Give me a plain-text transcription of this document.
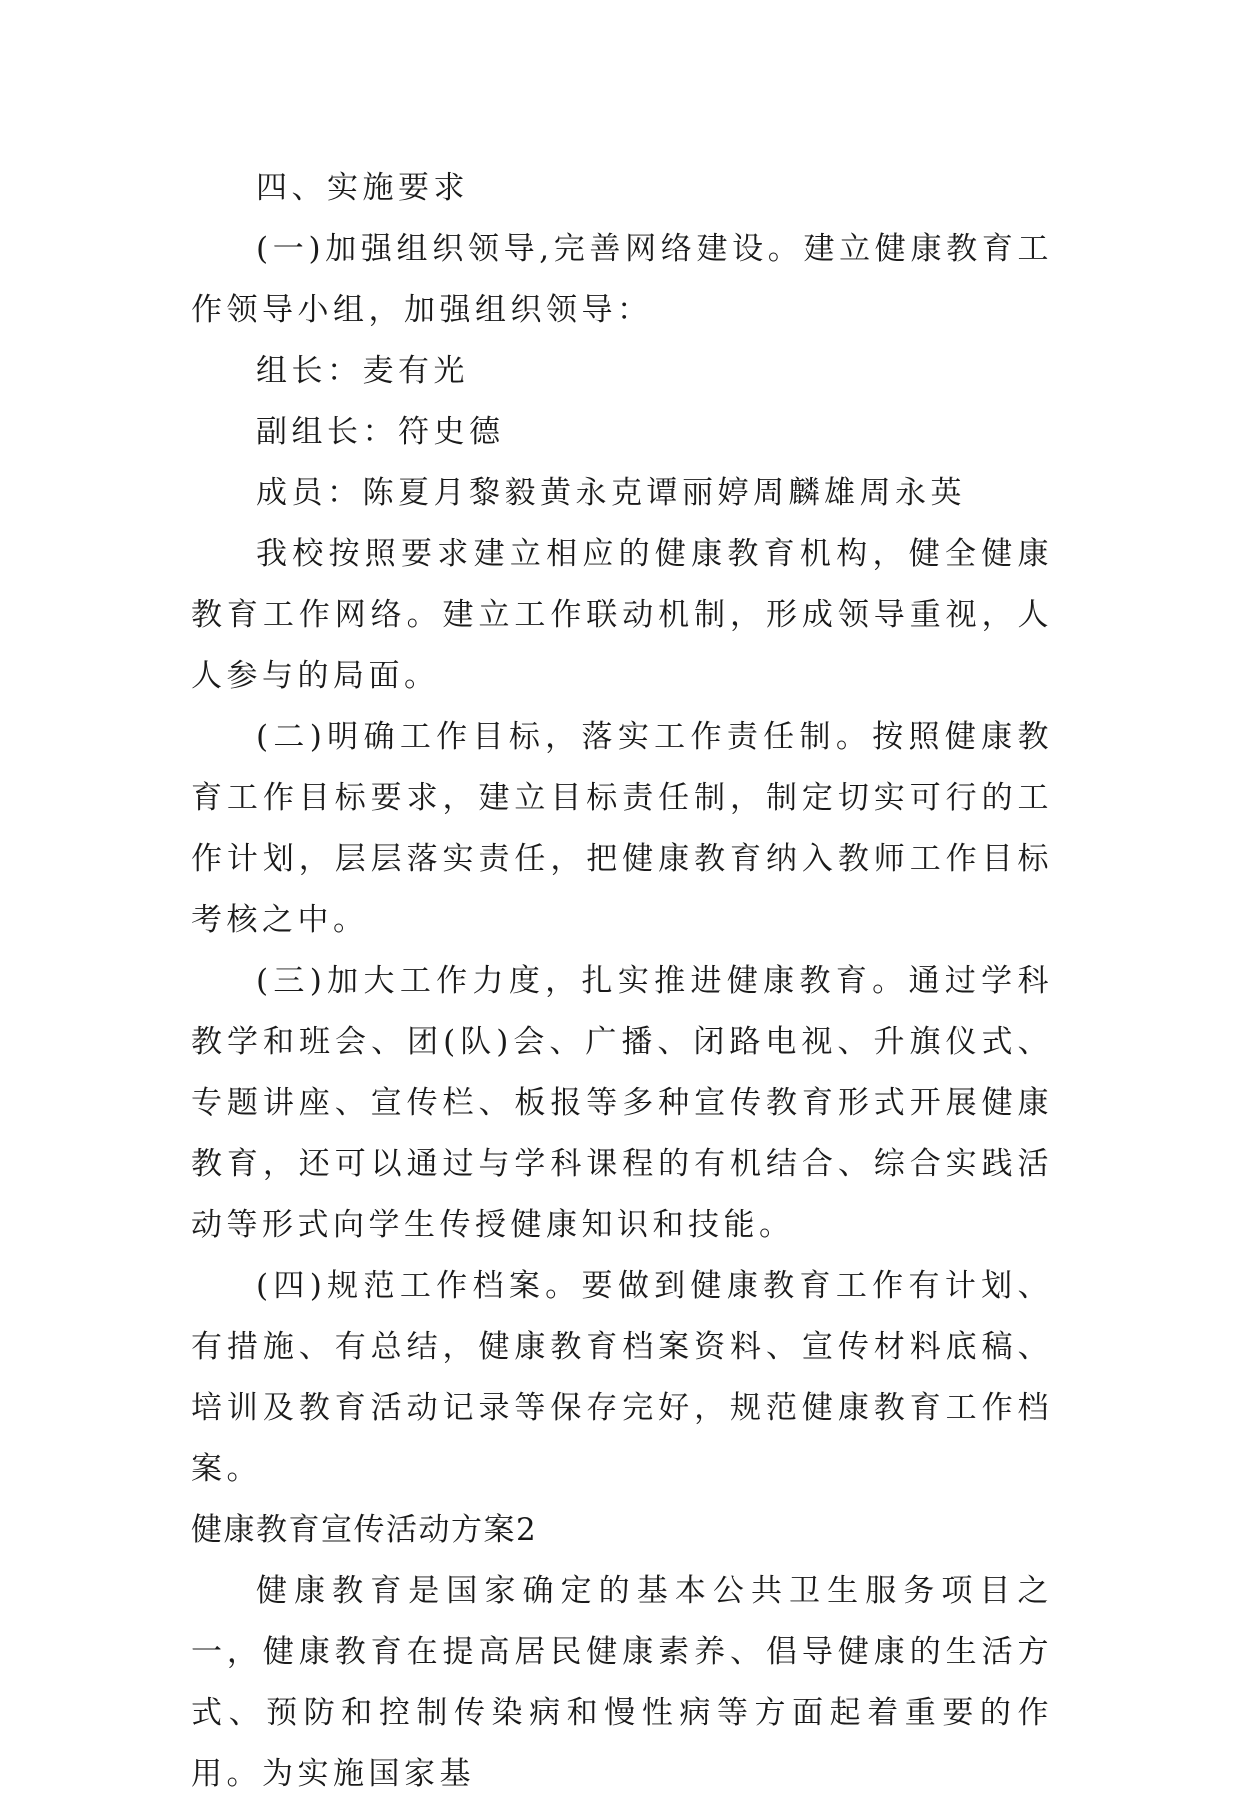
四、实施要求

(一)加强组织领导,完善网络建设。建立健康教育工作领导小组，加强组织领导：

组长：麦有光

副组长：符史德

成员：陈夏月黎毅黄永克谭丽婷周麟雄周永英

我校按照要求建立相应的健康教育机构，健全健康教育工作网络。建立工作联动机制，形成领导重视，人人参与的局面。

(二)明确工作目标，落实工作责任制。按照健康教育工作目标要求，建立目标责任制，制定切实可行的工作计划，层层落实责任，把健康教育纳入教师工作目标考核之中。

(三)加大工作力度，扎实推进健康教育。通过学科教学和班会、团(队)会、广播、闭路电视、升旗仪式、专题讲座、宣传栏、板报等多种宣传教育形式开展健康教育，还可以通过与学科课程的有机结合、综合实践活动等形式向学生传授健康知识和技能。

(四)规范工作档案。要做到健康教育工作有计划、有措施、有总结，健康教育档案资料、宣传材料底稿、培训及教育活动记录等保存完好，规范健康教育工作档案。

健康教育宣传活动方案2

健康教育是国家确定的基本公共卫生服务项目之一，健康教育在提高居民健康素养、倡导健康的生活方式、预防和控制传染病和慢性病等方面起着重要的作用。为实施国家基
